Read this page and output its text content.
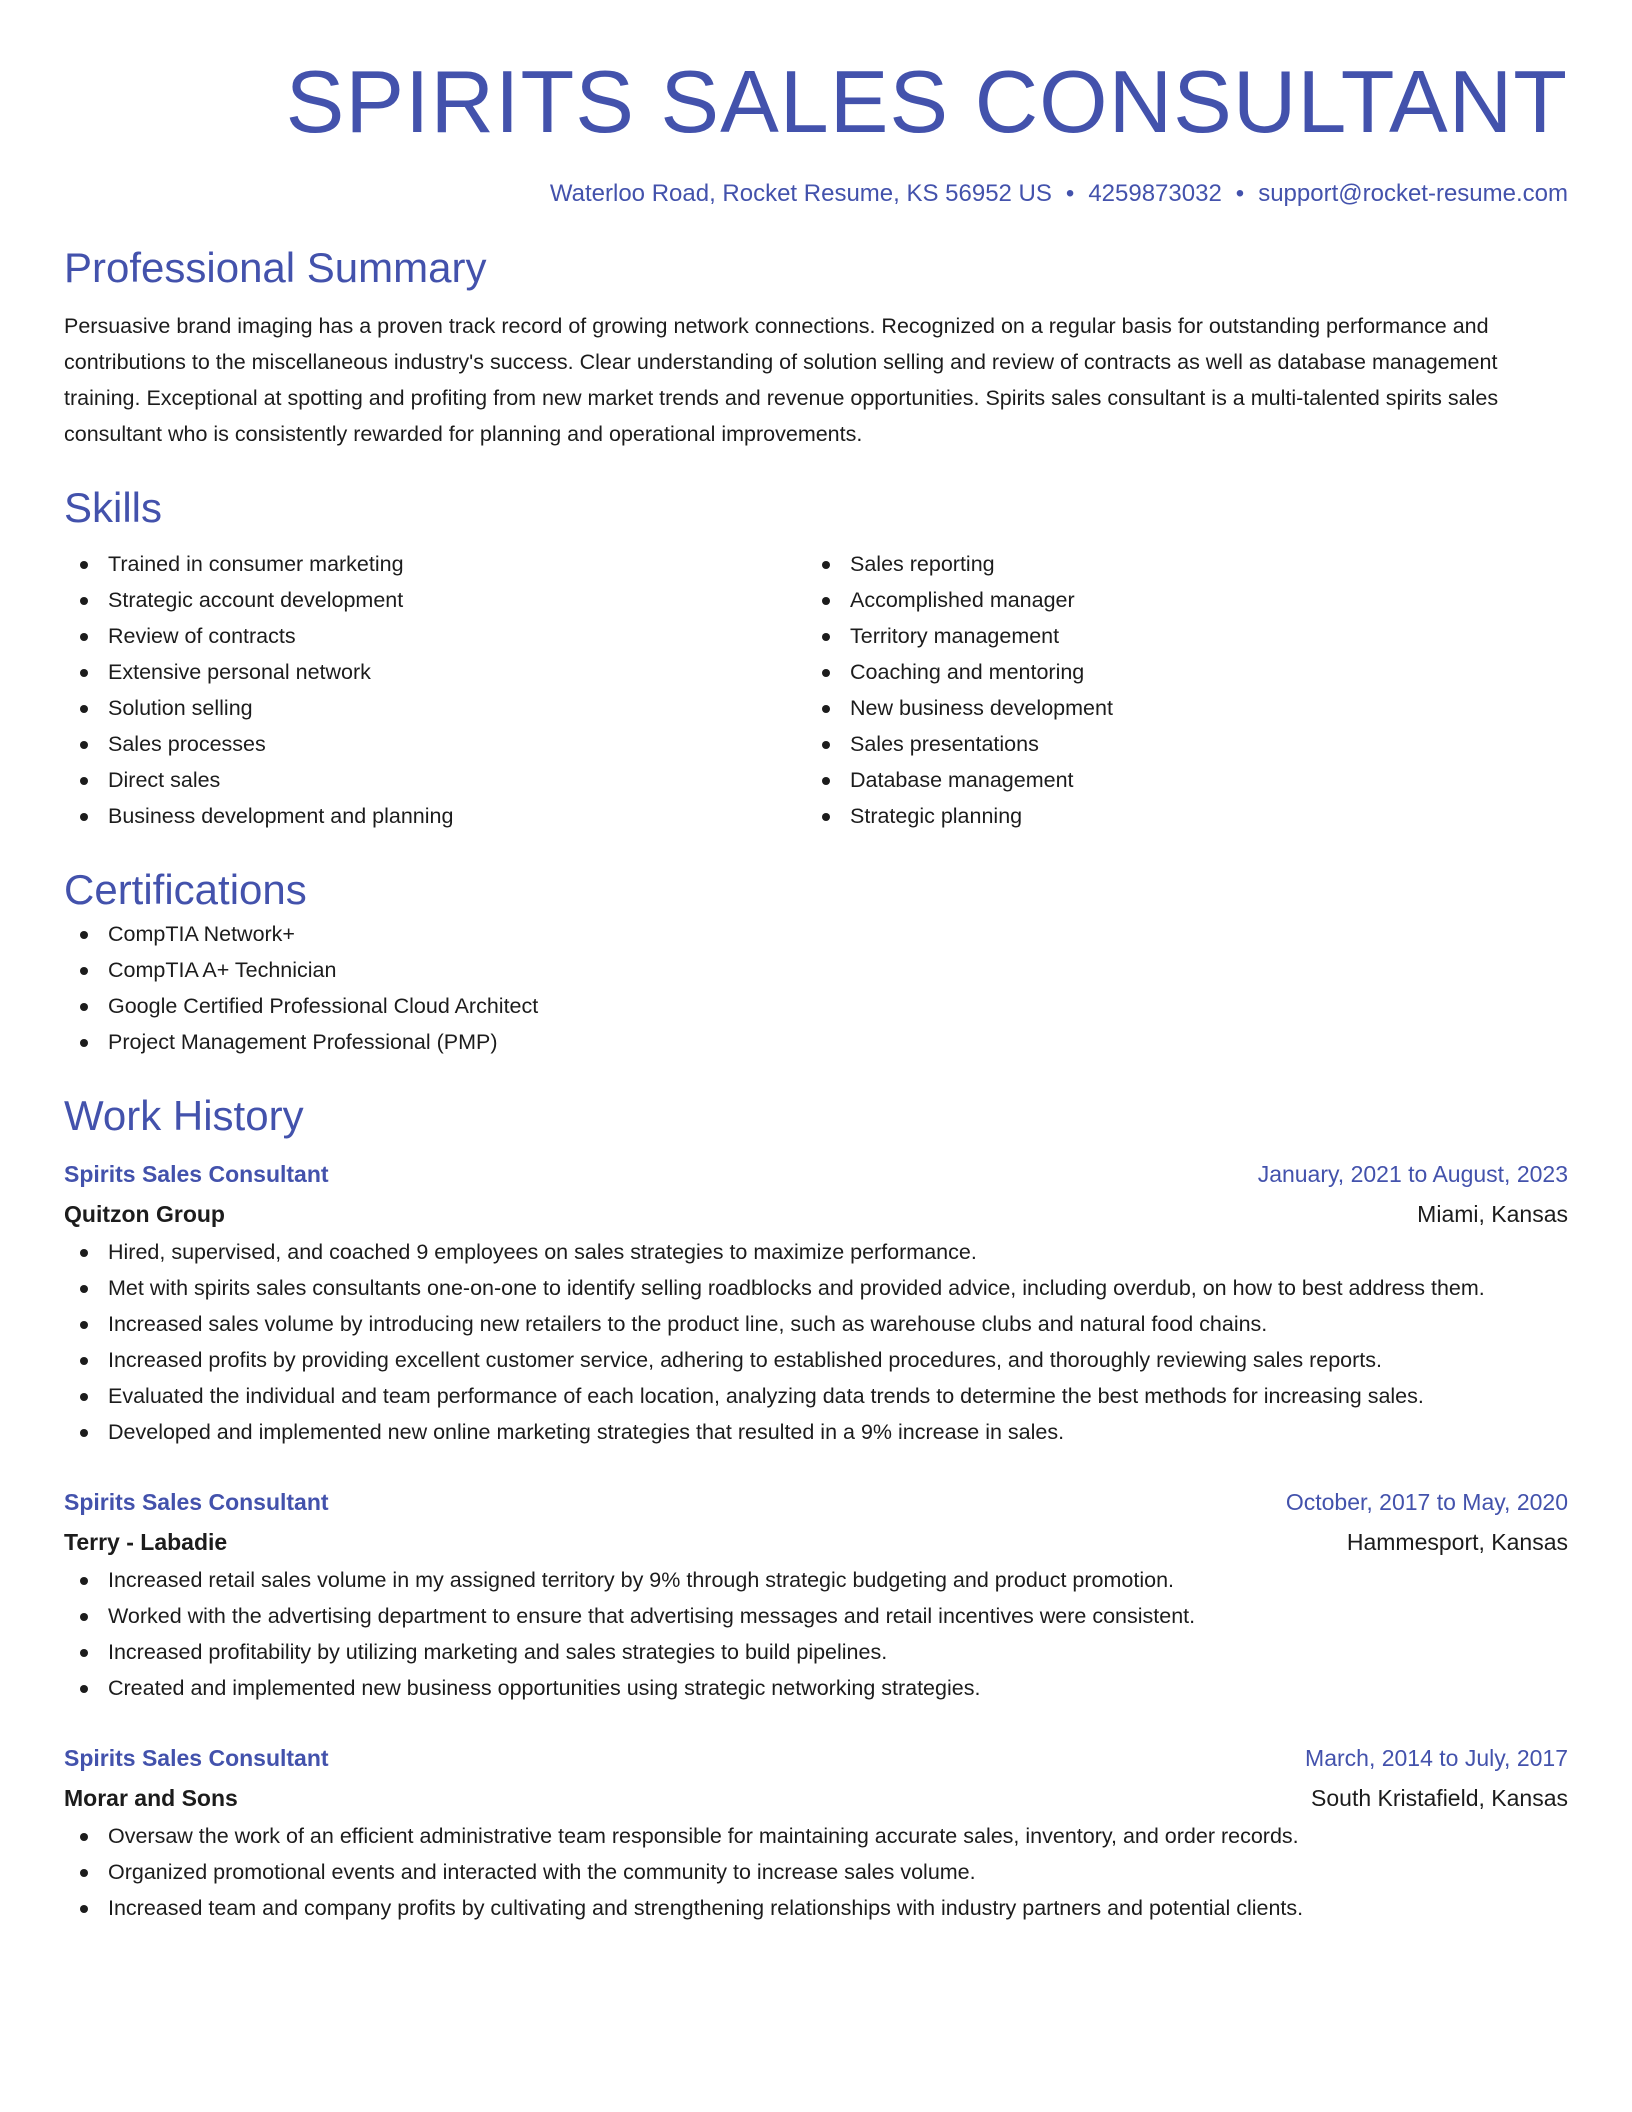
SPIRITS SALES CONSULTANT
Waterloo Road, Rocket Resume, KS 56952 US • 4259873032 • support@rocket-resume.com
Professional Summary

Persuasive brand imaging has a proven track record of growing network connections. Recognized on a regular basis for outstanding performance and contributions to the miscellaneous industry's success. Clear understanding of solution selling and review of contracts as well as database management training. Exceptional at spotting and profiting from new market trends and revenue opportunities. Spirits sales consultant is a multi-talented spirits sales consultant who is consistently rewarded for planning and operational improvements.

Skills
Trained in consumer marketing
Strategic account development
Review of contracts
Extensive personal network
Solution selling
Sales processes
Direct sales
Business development and planning
Sales reporting
Accomplished manager
Territory management
Coaching and mentoring
New business development
Sales presentations
Database management
Strategic planning
Certifications
CompTIA Network+
CompTIA A+ Technician
Google Certified Professional Cloud Architect
Project Management Professional (PMP)
Work History
Spirits Sales Consultant	January, 2021 to August, 2023
Quitzon Group	Miami, Kansas
Hired, supervised, and coached 9 employees on sales strategies to maximize performance.
Met with spirits sales consultants one-on-one to identify selling roadblocks and provided advice, including overdub, on how to best address them.
Increased sales volume by introducing new retailers to the product line, such as warehouse clubs and natural food chains.
Increased profits by providing excellent customer service, adhering to established procedures, and thoroughly reviewing sales reports.
Evaluated the individual and team performance of each location, analyzing data trends to determine the best methods for increasing sales.
Developed and implemented new online marketing strategies that resulted in a 9% increase in sales.
Spirits Sales Consultant	October, 2017 to May, 2020
Terry - Labadie	Hammesport, Kansas
Increased retail sales volume in my assigned territory by 9% through strategic budgeting and product promotion.
Worked with the advertising department to ensure that advertising messages and retail incentives were consistent.
Increased profitability by utilizing marketing and sales strategies to build pipelines.
Created and implemented new business opportunities using strategic networking strategies.
Spirits Sales Consultant	March, 2014 to July, 2017
Morar and Sons	South Kristafield, Kansas
Oversaw the work of an efficient administrative team responsible for maintaining accurate sales, inventory, and order records.
Organized promotional events and interacted with the community to increase sales volume.
Increased team and company profits by cultivating and strengthening relationships with industry partners and potential clients.
